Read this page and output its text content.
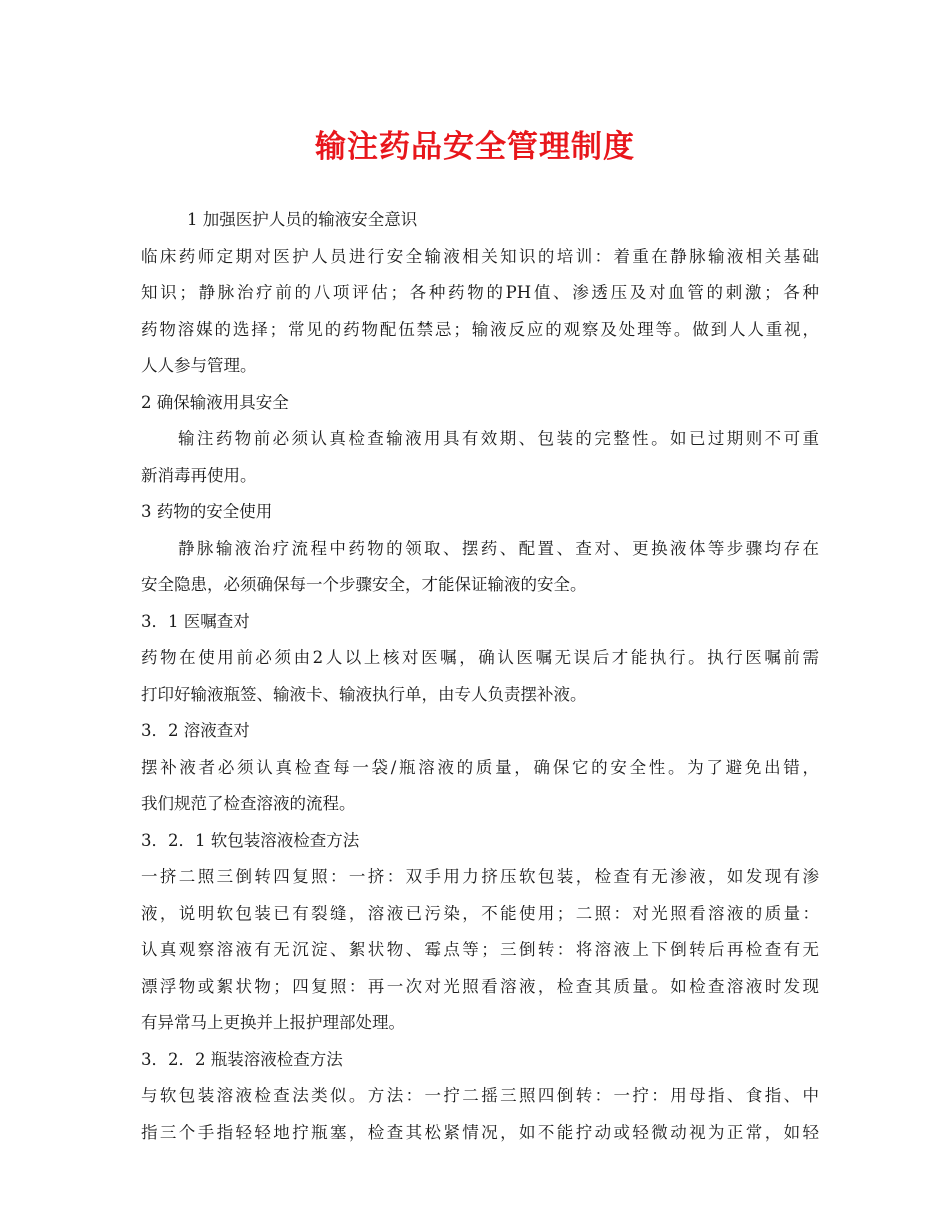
输注药品安全管理制度
1 加强医护人员的输液安全意识
临床药师定期对医护人员进行安全输液相关知识的培训：着重在静脉输液相关基础
知识；静脉治疗前的八项评估；各种药物的PH值、渗透压及对血管的刺激；各种
药物溶媒的选择；常见的药物配伍禁忌；输液反应的观察及处理等。做到人人重视，
人人参与管理。
2 确保输液用具安全
输注药物前必须认真检查输液用具有效期、包装的完整性。如已过期则不可重
新消毒再使用。
3 药物的安全使用
静脉输液治疗流程中药物的领取、摆药、配置、查对、更换液体等步骤均存在
安全隐患，必须确保每一个步骤安全，才能保证输液的安全。
3．1 医嘱查对
药物在使用前必须由2人以上核对医嘱，确认医嘱无误后才能执行。执行医嘱前需
打印好输液瓶签、输液卡、输液执行单，由专人负责摆补液。
3．2 溶液查对
摆补液者必须认真检查每一袋/瓶溶液的质量，确保它的安全性。为了避免出错，
我们规范了检查溶液的流程。
3．2．1 软包装溶液检查方法
一挤二照三倒转四复照：一挤：双手用力挤压软包装，检查有无渗液，如发现有渗
液，说明软包装已有裂缝，溶液已污染，不能使用；二照：对光照看溶液的质量：
认真观察溶液有无沉淀、絮状物、霉点等；三倒转：将溶液上下倒转后再检查有无
漂浮物或絮状物；四复照：再一次对光照看溶液，检查其质量。如检查溶液时发现
有异常马上更换并上报护理部处理。
3．2．2 瓶装溶液检查方法
与软包装溶液检查法类似。方法：一拧二摇三照四倒转：一拧：用母指、食指、中
指三个手指轻轻地拧瓶塞，检查其松紧情况，如不能拧动或轻微动视为正常，如轻
